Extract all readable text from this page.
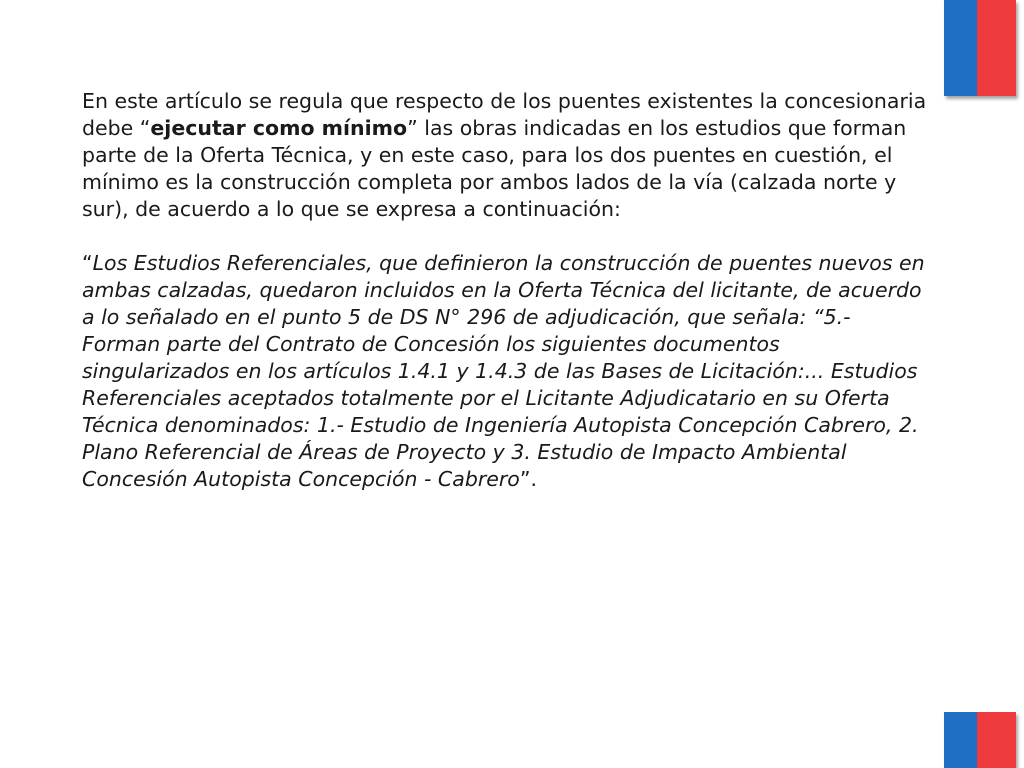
En este artículo se regula que respecto de los puentes existentes la concesionaria debe “ejecutar como mínimo” las obras indicadas en los estudios que forman parte de la Oferta Técnica, y en este caso, para los dos puentes en cuestión, el mínimo es la construcción completa por ambos lados de la vía (calzada norte y sur), de acuerdo a lo que se expresa a continuación:

“Los Estudios Referenciales, que definieron la construcción de puentes nuevos en ambas calzadas, quedaron incluidos en la Oferta Técnica del licitante, de acuerdo a lo señalado en el punto 5 de DS N° 296 de adjudicación, que señala: “5.- Forman parte del Contrato de Concesión los siguientes documentos singularizados en los artículos 1.4.1 y 1.4.3 de las Bases de Licitación:... Estudios Referenciales aceptados totalmente por el Licitante Adjudicatario en su Oferta Técnica denominados: 1.- Estudio de Ingeniería Autopista Concepción Cabrero, 2. Plano Referencial de Áreas de Proyecto y 3. Estudio de Impacto Ambiental Concesión Autopista Concepción - Cabrero”.
